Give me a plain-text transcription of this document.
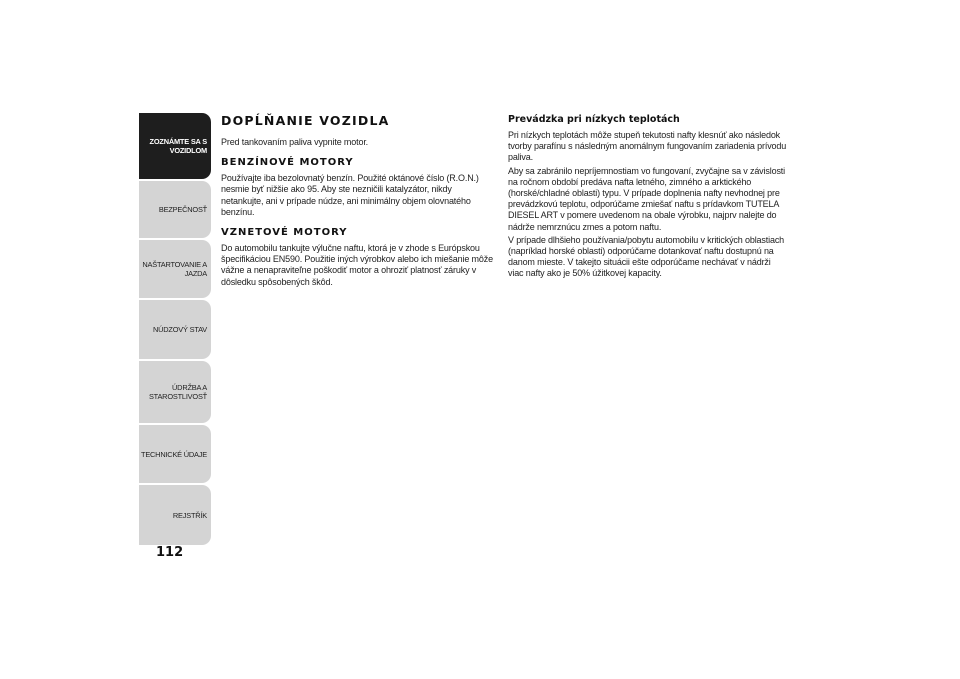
ZOZNÁMTE SA S
VOZIDLOM
BEZPEČNOSŤ
NAŠTARTOVANIE A
JAZDA
NÚDZOVÝ STAV
ÚDRŽBA A
STAROSTLIVOSŤ
TECHNICKÉ ÚDAJE
REJSTŘÍK
112
DOPĹŇANIE VOZIDLA

Pred tankovaním paliva vypnite motor.

BENZÍNOVÉ MOTORY

Používajte iba bezolovnatý benzín. Použité oktánové číslo (R.O.N.) nesmie byť nižšie ako 95. Aby ste nezničili katalyzátor, nikdy netankujte, ani v prípade núdze, ani minimálny objem olovnatého benzínu.

VZNETOVÉ MOTORY

Do automobilu tankujte výlučne naftu, ktorá je v zhode s Európskou špecifikáciou EN590. Použitie iných výrobkov alebo ich miešanie môže vážne a nenapraviteľne poškodiť motor a ohroziť platnosť záruky v dôsledku spôsobených škôd.

Prevádzka pri nízkych teplotách

Pri nízkych teplotách môže stupeň tekutosti nafty klesnúť ako následok tvorby parafínu s následným anomálnym fungovaním zariadenia prívodu paliva.

Aby sa zabránilo nepríjemnostiam vo fungovaní, zvyčajne sa v závislosti na ročnom období predáva nafta letného, zimného a arktického (horské/chladné oblasti) typu. V prípade doplnenia nafty nevhodnej pre prevádzkovú teplotu, odporúčame zmiešať naftu s prídavkom TUTELA DIESEL ART v pomere uvedenom na obale výrobku, najprv nalejte do nádrže nemrznúcu zmes a potom naftu.

V prípade dlhšieho používania/pobytu automobilu v kritických oblastiach (napríklad horské oblasti) odporúčame dotankovať naftu dostupnú na danom mieste. V takejto situácii ešte odporúčame nechávať v nádrži viac nafty ako je 50% úžitkovej kapacity.
